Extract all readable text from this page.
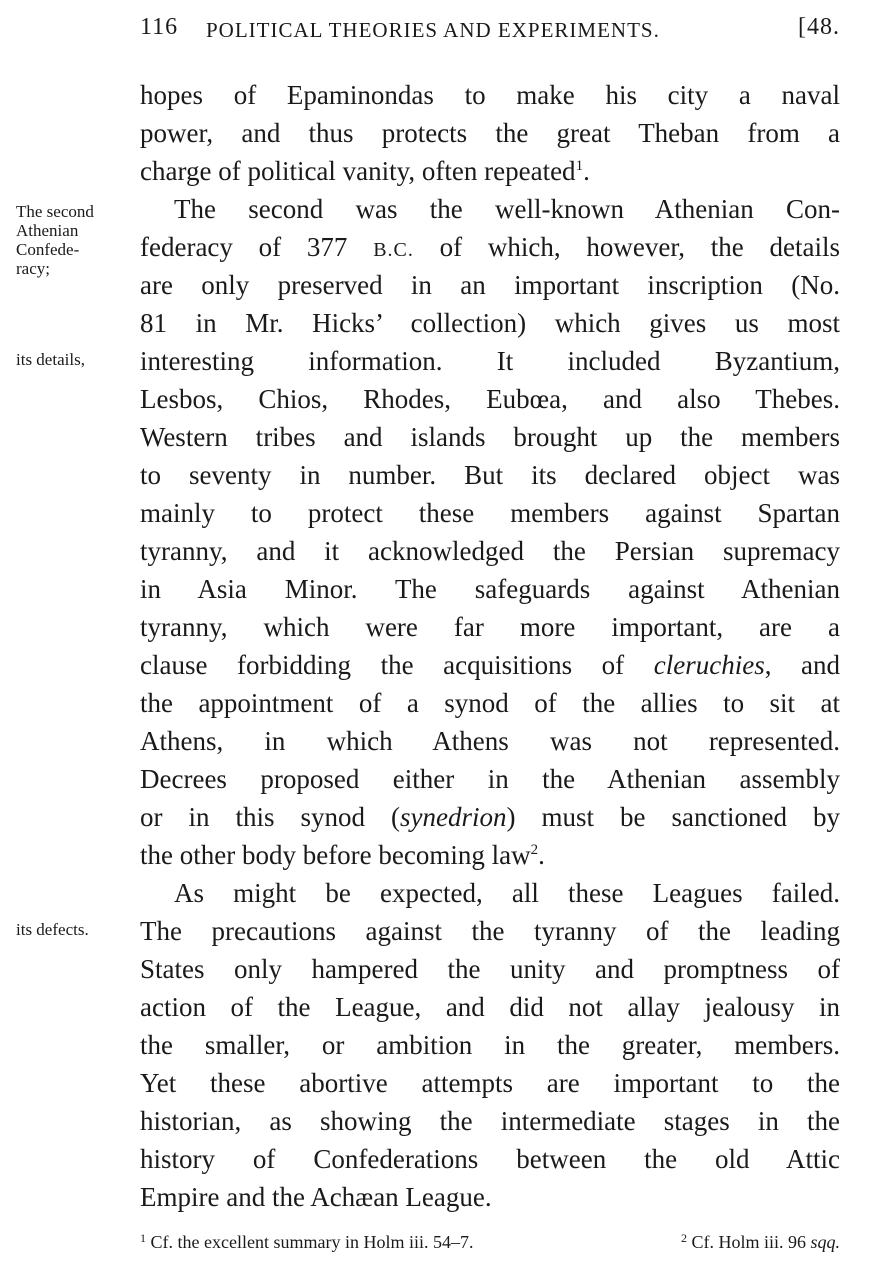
116 POLITICAL THEORIES AND EXPERIMENTS.	[48.
The second
Athenian
Confede-
racy;
its details,
its defects.
hopes of Epaminondas to make his city a naval
power, and thus protects the great Theban from a
charge of political vanity, often repeated$^1$.
The second was the well-known Athenian Con-
federacy of 377 B.C. of which, however, the details
are only preserved in an important inscription (No.
81 in Mr. Hicks’ collection) which gives us most
interesting information. It included Byzantium,
Lesbos, Chios, Rhodes, Eubœa, and also Thebes.
Western tribes and islands brought up the members
to seventy in number. But its declared object was
mainly to protect these members against Spartan
tyranny, and it acknowledged the Persian supremacy
in Asia Minor. The safeguards against Athenian
tyranny, which were far more important, are a
clause forbidding the acquisitions of cleruchies, and
the appointment of a synod of the allies to sit at
Athens, in which Athens was not represented.
Decrees proposed either in the Athenian assembly
or in this synod (synedrion) must be sanctioned by
the other body before becoming law$^2$.
As might be expected, all these Leagues failed.
The precautions against the tyranny of the leading
States only hampered the unity and promptness of
action of the League, and did not allay jealousy in
the smaller, or ambition in the greater, members.
Yet these abortive attempts are important to the
historian, as showing the intermediate stages in the
history of Confederations between the old Attic
Empire and the Achæan League.
$^1$ Cf. the excellent summary in Holm iii. 54–7.	$^2$ Cf. Holm iii. 96 sqq.
